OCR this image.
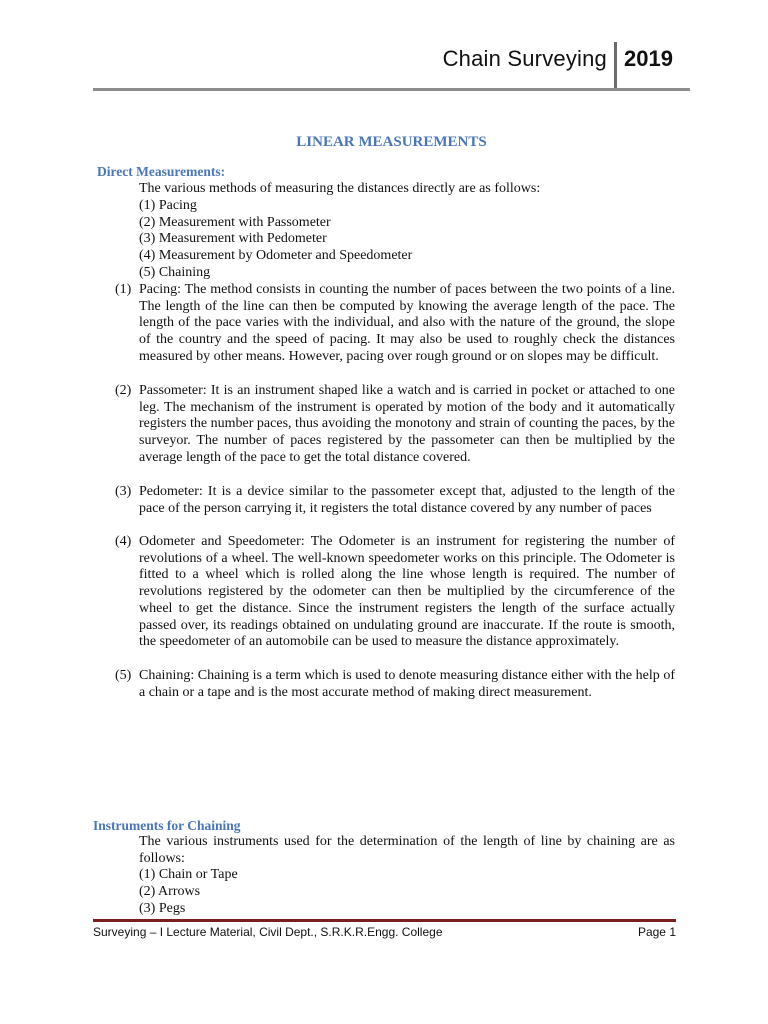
Chain Surveying 2019
LINEAR MEASUREMENTS
Direct Measurements:
The various methods of measuring the distances directly are as follows:
(1) Pacing
(2) Measurement with Passometer
(3) Measurement with Pedometer
(4) Measurement by Odometer and Speedometer
(5) Chaining
(1) Pacing: The method consists in counting the number of paces between the two points of a line. The length of the line can then be computed by knowing the average length of the pace. The length of the pace varies with the individual, and also with the nature of the ground, the slope of the country and the speed of pacing. It may also be used to roughly check the distances measured by other means. However, pacing over rough ground or on slopes may be difficult.
(2) Passometer: It is an instrument shaped like a watch and is carried in pocket or attached to one leg. The mechanism of the instrument is operated by motion of the body and it automatically registers the number paces, thus avoiding the monotony and strain of counting the paces, by the surveyor. The number of paces registered by the passometer can then be multiplied by the average length of the pace to get the total distance covered.
(3) Pedometer: It is a device similar to the passometer except that, adjusted to the length of the pace of the person carrying it, it registers the total distance covered by any number of paces
(4) Odometer and Speedometer: The Odometer is an instrument for registering the number of revolutions of a wheel. The well-known speedometer works on this principle. The Odometer is fitted to a wheel which is rolled along the line whose length is required. The number of revolutions registered by the odometer can then be multiplied by the circumference of the wheel to get the distance. Since the instrument registers the length of the surface actually passed over, its readings obtained on undulating ground are inaccurate. If the route is smooth, the speedometer of an automobile can be used to measure the distance approximately.
(5) Chaining: Chaining is a term which is used to denote measuring distance either with the help of a chain or a tape and is the most accurate method of making direct measurement.
Instruments for Chaining
The various instruments used for the determination of the length of line by chaining are as follows:
(1) Chain or Tape
(2) Arrows
(3) Pegs
Surveying – I Lecture Material, Civil Dept., S.R.K.R.Engg. College	Page 1
